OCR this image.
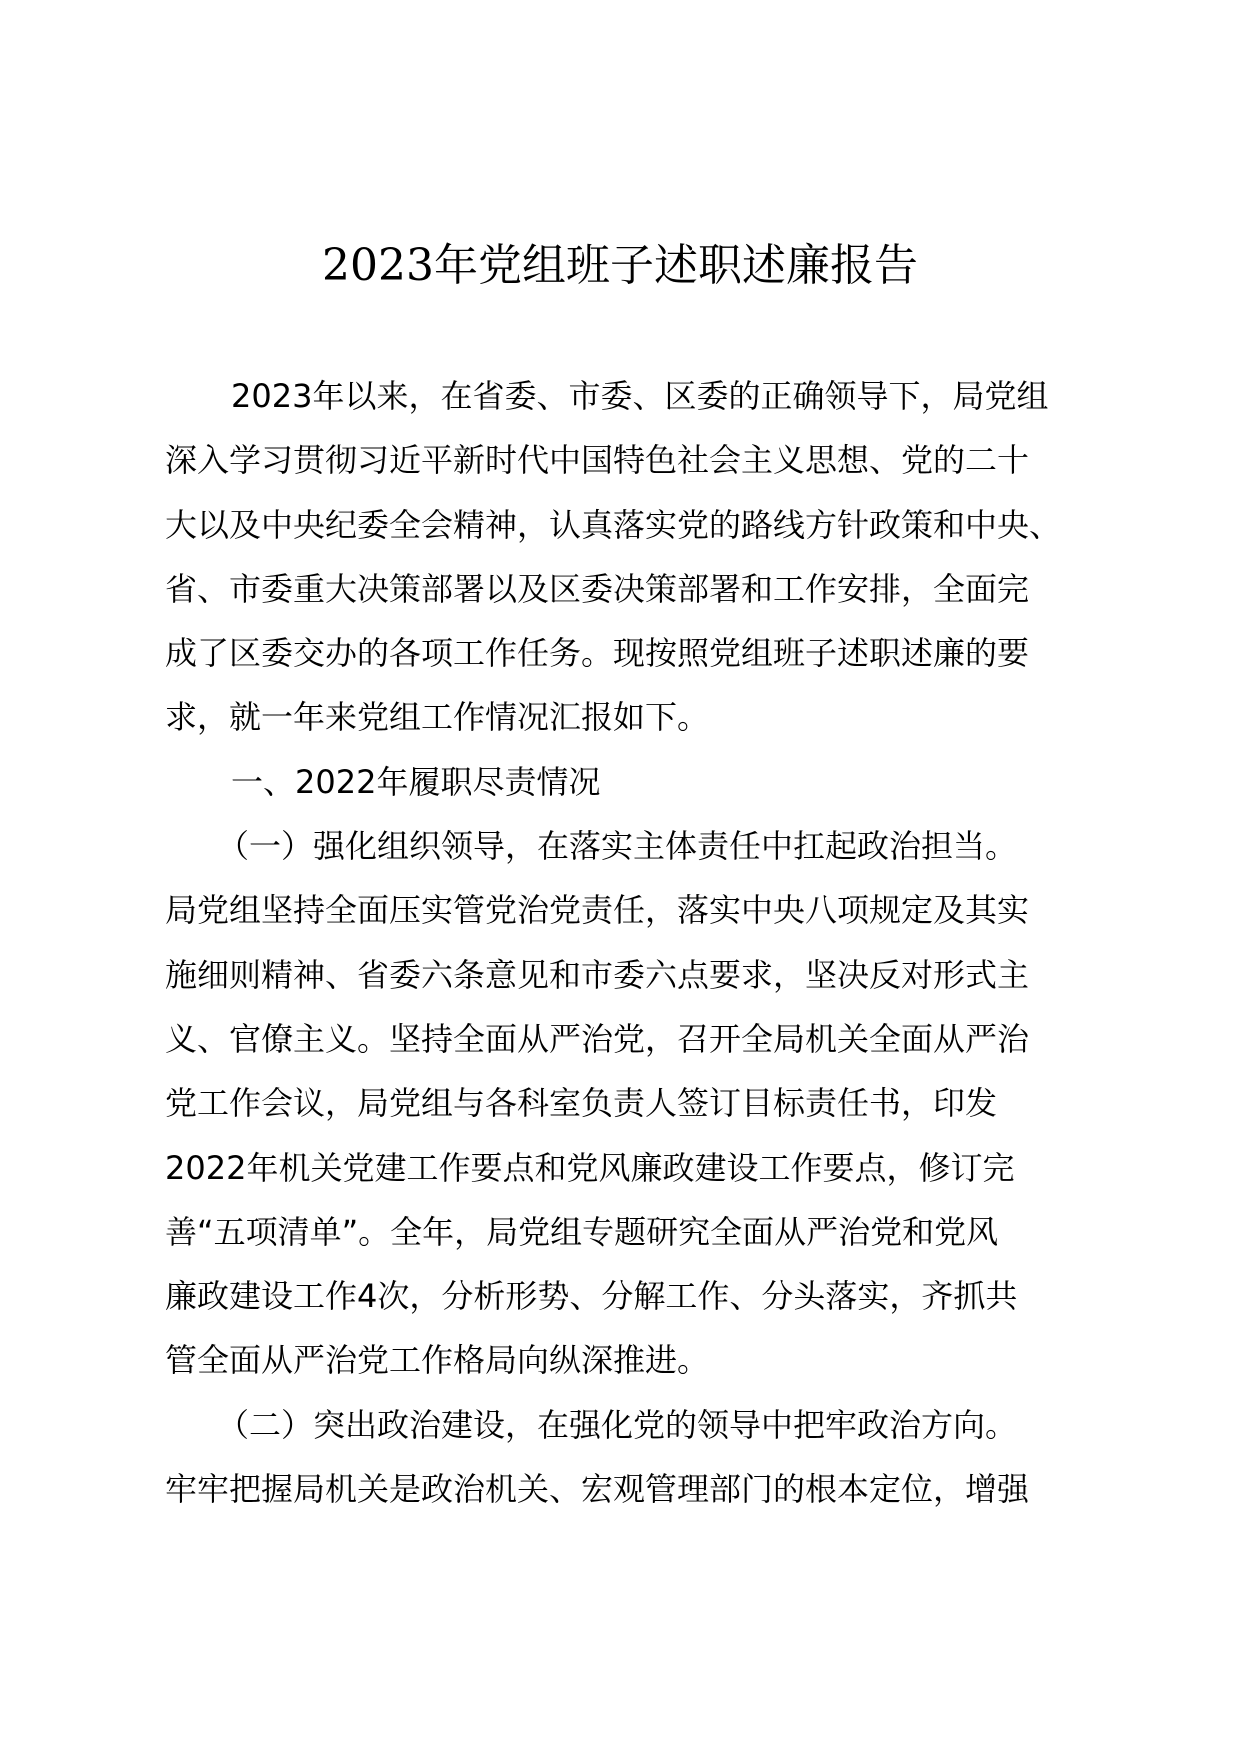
2023年党组班子述职述廉报告
2023年以来，在省委、市委、区委的正确领导下，局党组
深入学习贯彻习近平新时代中国特色社会主义思想、党的二十
大以及中央纪委全会精神，认真落实党的路线方针政策和中央、
省、市委重大决策部署以及区委决策部署和工作安排，全面完
成了区委交办的各项工作任务。现按照党组班子述职述廉的要
求，就一年来党组工作情况汇报如下。
一、2022年履职尽责情况
（一）强化组织领导，在落实主体责任中扛起政治担当。
局党组坚持全面压实管党治党责任，落实中央八项规定及其实
施细则精神、省委六条意见和市委六点要求，坚决反对形式主
义、官僚主义。坚持全面从严治党，召开全局机关全面从严治
党工作会议，局党组与各科室负责人签订目标责任书，印发
2022年机关党建工作要点和党风廉政建设工作要点，修订完
善“五项清单”。全年，局党组专题研究全面从严治党和党风
廉政建设工作4次，分析形势、分解工作、分头落实，齐抓共
管全面从严治党工作格局向纵深推进。
（二）突出政治建设，在强化党的领导中把牢政治方向。
牢牢把握局机关是政治机关、宏观管理部门的根本定位，增强
